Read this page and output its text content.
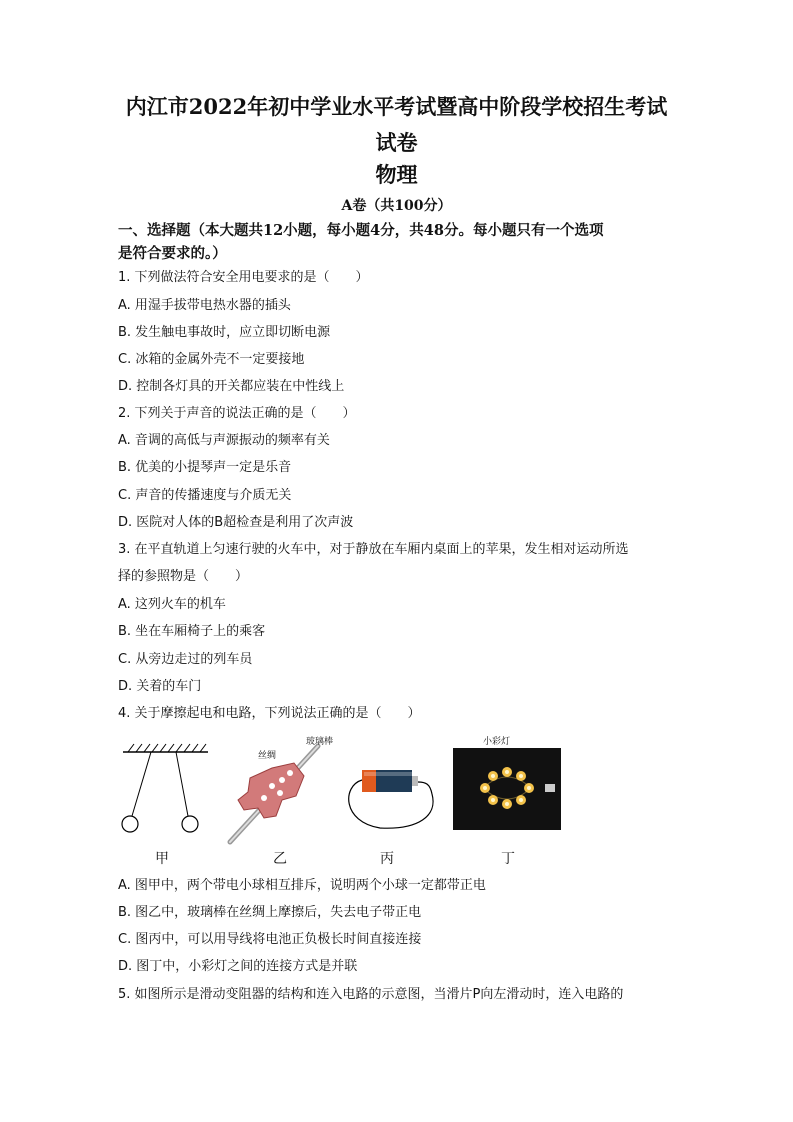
内江市2022年初中学业水平考试暨高中阶段学校招生考试
试卷
物理
A卷（共100分）
一、选择题（本大题共12小题，每小题4分，共48分。每小题只有一个选项
是符合要求的。）
1. 下列做法符合安全用电要求的是（　　）
A. 用湿手拔带电热水器的插头
B. 发生触电事故时，应立即切断电源
C. 冰箱的金属外壳不一定要接地
D. 控制各灯具的开关都应装在中性线上
2. 下列关于声音的说法正确的是（　　）
A. 音调的高低与声源振动的频率有关
B. 优美的小提琴声一定是乐音
C. 声音的传播速度与介质无关
D. 医院对人体的B超检查是利用了次声波
3. 在平直轨道上匀速行驶的火车中，对于静放在车厢内桌面上的苹果，发生相对运动所选
择的参照物是（　　）
A. 这列火车的机车
B. 坐在车厢椅子上的乘客
C. 从旁边走过的列车员
D. 关着的车门
4. 关于摩擦起电和电路，下列说法正确的是（　　）
甲
丝绸
玻璃棒
乙	丙
小彩灯
丁
A. 图甲中，两个带电小球相互排斥，说明两个小球一定都带正电
B. 图乙中，玻璃棒在丝绸上摩擦后，失去电子带正电
C. 图丙中，可以用导线将电池正负极长时间直接连接
D. 图丁中，小彩灯之间的连接方式是并联
5. 如图所示是滑动变阻器的结构和连入电路的示意图，当滑片P向左滑动时，连入电路的
